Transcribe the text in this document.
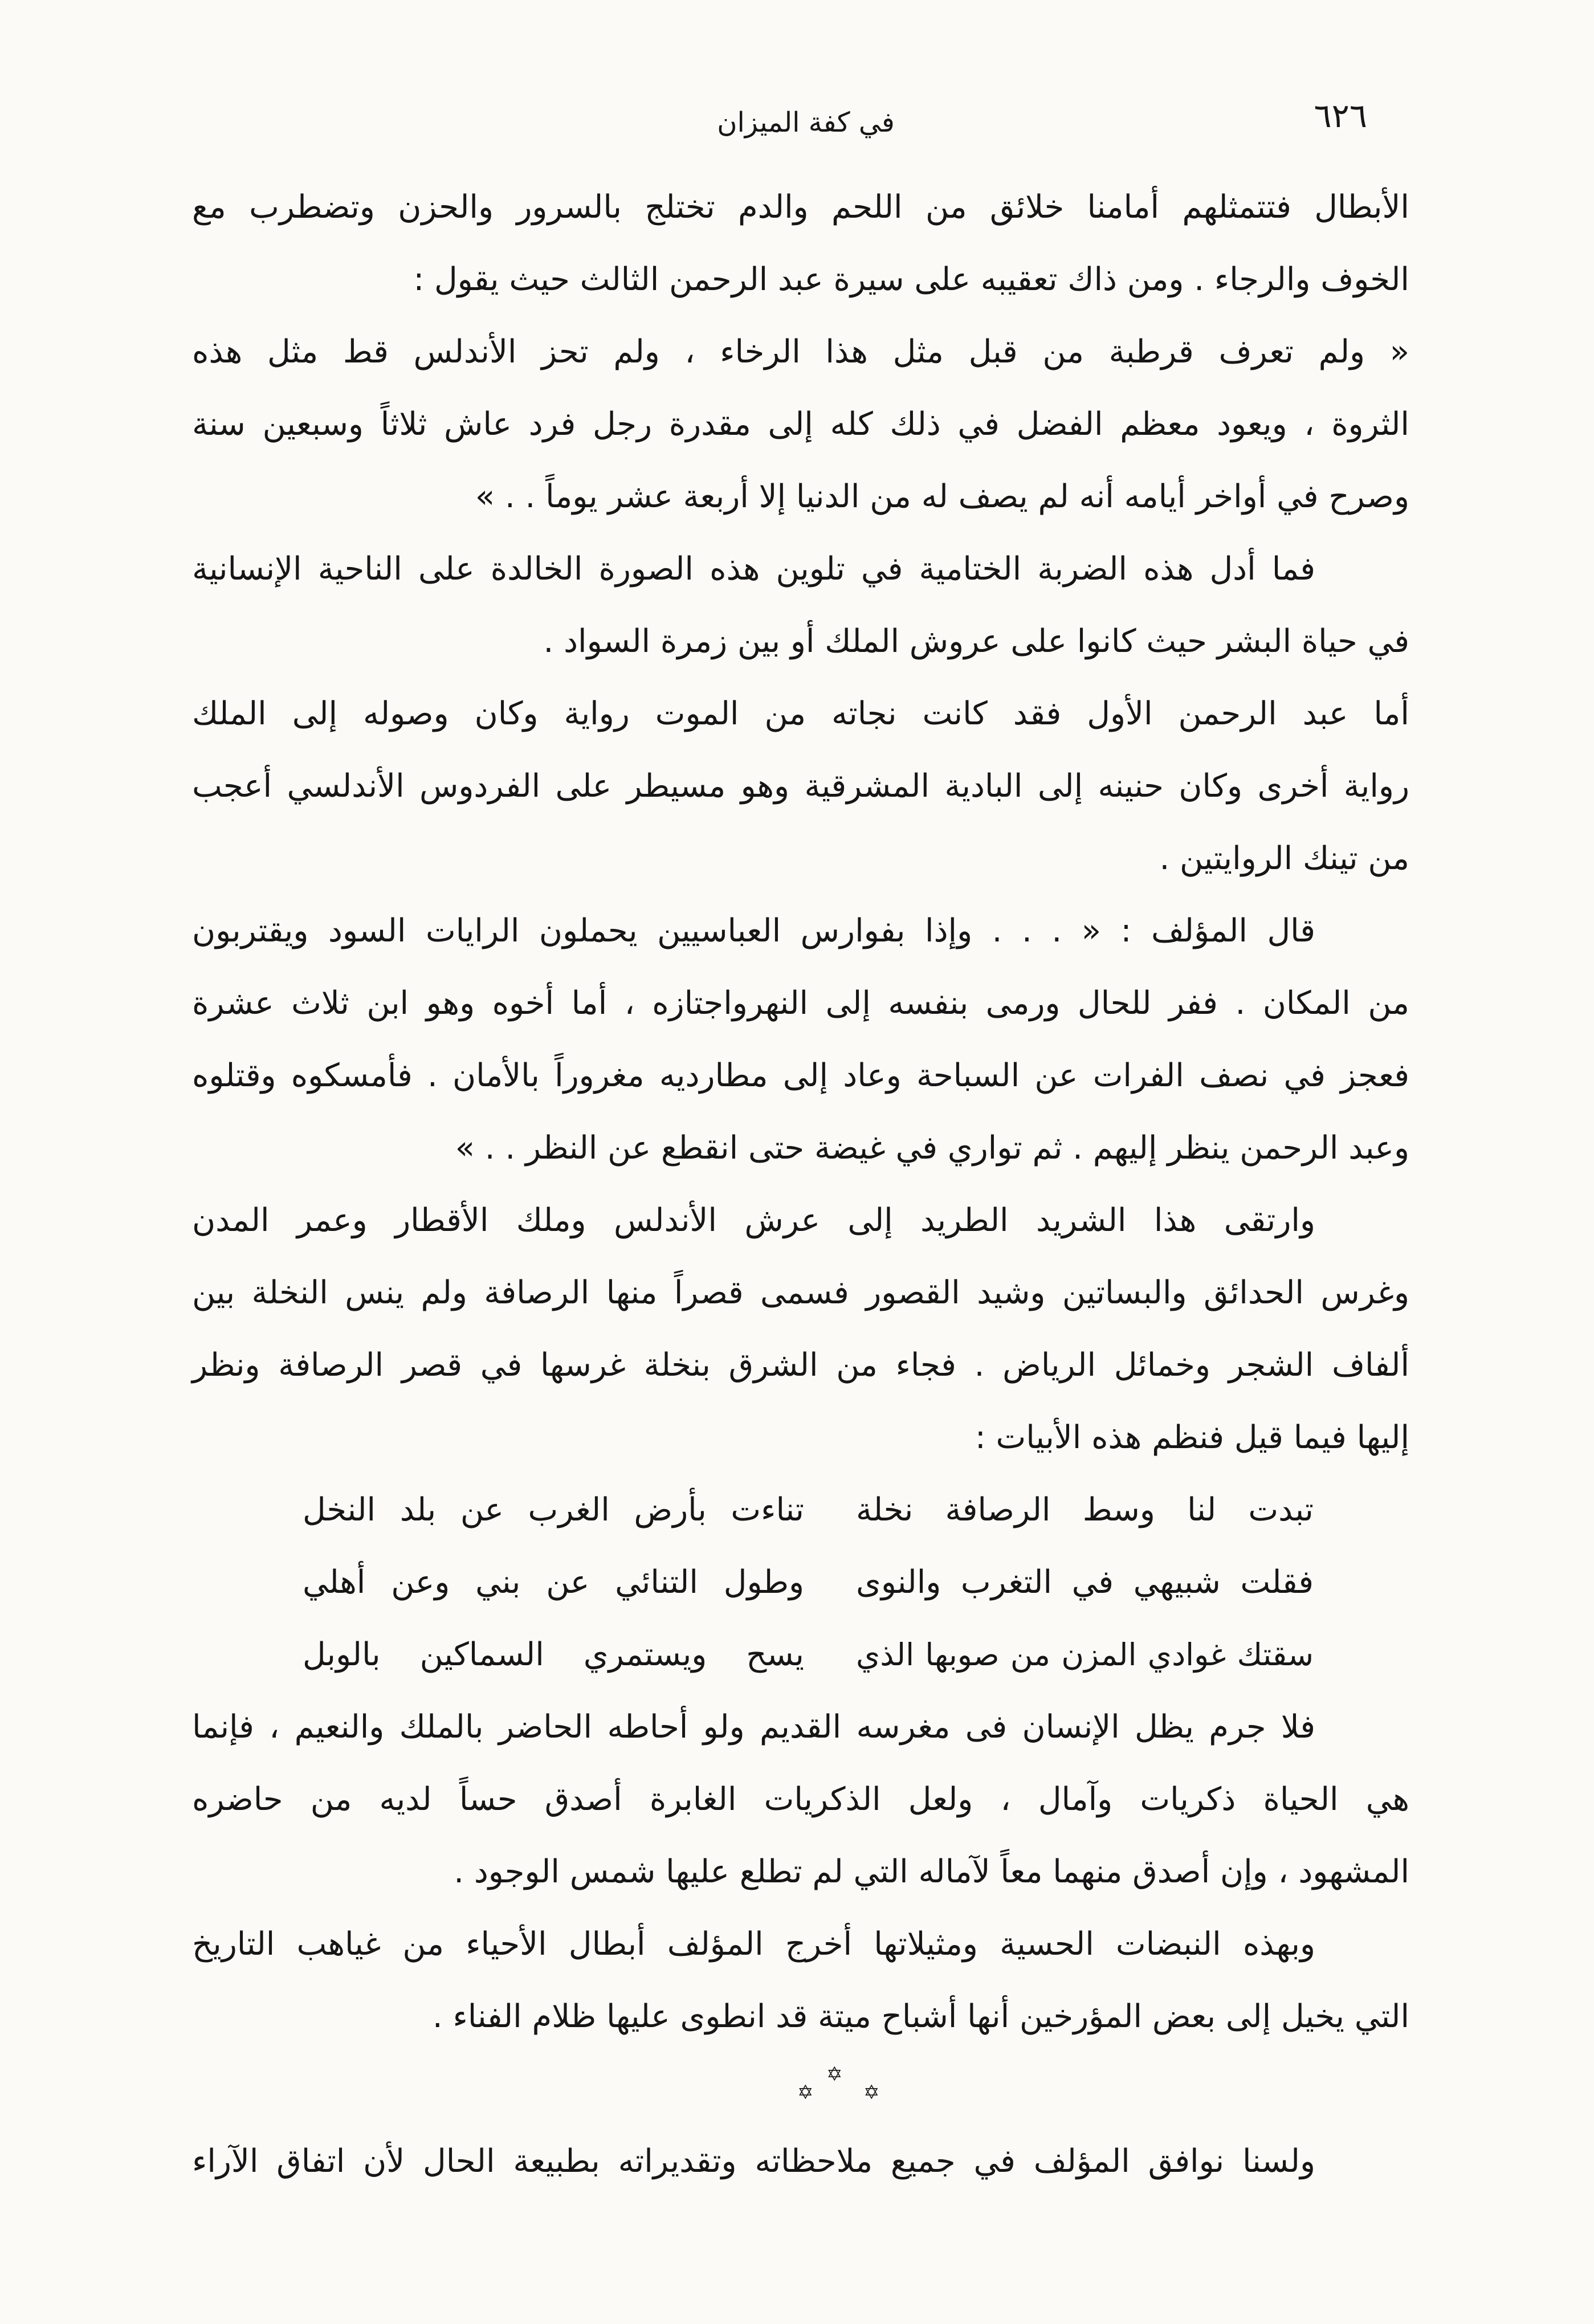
٦٢٦
في كفة الميزان
الأبطال فتتمثلهم أمامنا خلائق من اللحم والدم تختلج بالسرور والحزن وتضطرب مع
الخوف والرجاء . ومن ذاك تعقيبه على سيرة عبد الرحمن الثالث حيث يقول :
« ولم تعرف قرطبة من قبل مثل هذا الرخاء ، ولم تحز الأندلس قط مثل هذه
الثروة ، ويعود معظم الفضل في ذلك كله إلى مقدرة رجل فرد عاش ثلاثاً وسبعين سنة
وصرح في أواخر أيامه أنه لم يصف له من الدنيا إلا أربعة عشر يوماً . . »
فما أدل هذه الضربة الختامية في تلوين هذه الصورة الخالدة على الناحية الإنسانية
في حياة البشر حيث كانوا على عروش الملك أو بين زمرة السواد .
أما عبد الرحمن الأول فقد كانت نجاته من الموت رواية وكان وصوله إلى الملك
رواية أخرى وكان حنينه إلى البادية المشرقية وهو مسيطر على الفردوس الأندلسي أعجب
من تينك الروايتين .
قال المؤلف : « . . . وإذا بفوارس العباسيين يحملون الرايات السود ويقتربون
من المكان . ففر للحال ورمى بنفسه إلى النهرواجتازه ، أما أخوه وهو ابن ثلاث عشرة
فعجز في نصف الفرات عن السباحة وعاد إلى مطارديه مغروراً بالأمان . فأمسكوه وقتلوه
وعبد الرحمن ينظر إليهم . ثم تواري في غيضة حتى انقطع عن النظر . . »
وارتقى هذا الشريد الطريد إلى عرش الأندلس وملك الأقطار وعمر المدن
وغرس الحدائق والبساتين وشيد القصور فسمى قصراً منها الرصافة ولم ينس النخلة بين
ألفاف الشجر وخمائل الرياض . فجاء من الشرق بنخلة غرسها في قصر الرصافة ونظر
إليها فيما قيل فنظم هذه الأبيات :
تبدت لنا وسط الرصافة نخلة
تناءت بأرض الغرب عن بلد النخل
فقلت شبيهي في التغرب والنوى
وطول التنائي عن بني وعن أهلي
سقتك غوادي المزن من صوبها الذي
يسح ويستمري السماكين بالوبل
فلا جرم يظل الإنسان فى مغرسه القديم ولو أحاطه الحاضر بالملك والنعيم ، فإنما
هي الحياة ذكريات وآمال ، ولعل الذكريات الغابرة أصدق حساً لديه من حاضره
المشهود ، وإن أصدق منهما معاً لآماله التي لم تطلع عليها شمس الوجود .
وبهذه النبضات الحسية ومثيلاتها أخرج المؤلف أبطال الأحياء من غياهب التاريخ
التي يخيل إلى بعض المؤرخين أنها أشباح ميتة قد انطوى عليها ظلام الفناء .
✡
✡
✡
ولسنا نوافق المؤلف في جميع ملاحظاته وتقديراته بطبيعة الحال لأن اتفاق الآراء
